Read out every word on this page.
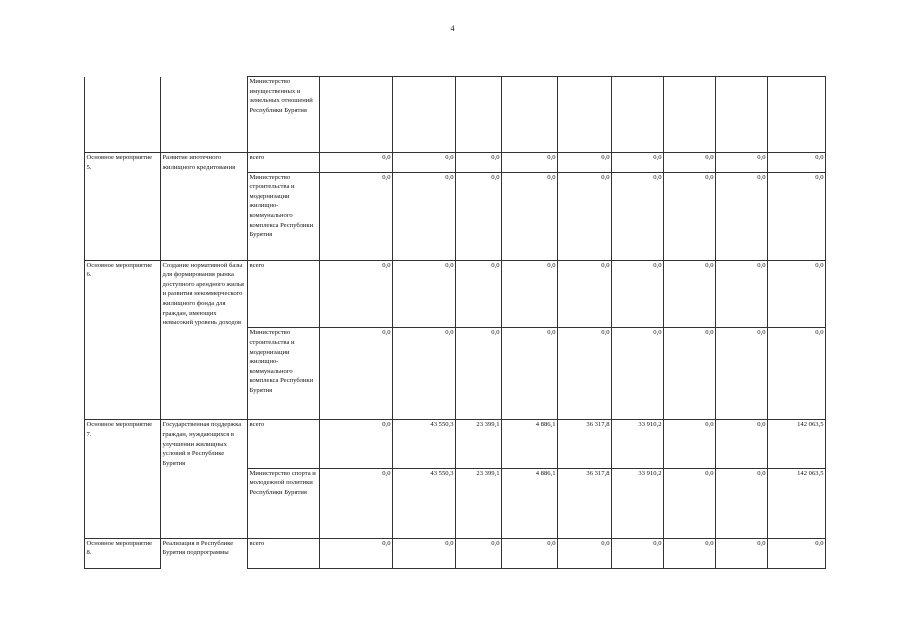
4
		Министерство имущественных и земельных отношений Республики Бурятия									
Основное мероприятие 5.	Развитие ипотечного жилищного кредитования	всего	0,0	0,0	0,0	0,0	0,0	0,0	0,0	0,0	0,0
		Министерство строительства и модернизации жилищно-коммунального комплекса Республики Бурятия	0,0	0,0	0,0	0,0	0,0	0,0	0,0	0,0	0,0
Основное мероприятие 6.	Создание нормативной базы для формирования рынка доступного арендного жилья и развития некоммерческого жилищного фонда для граждан, имеющих невысокий уровень доходов	всего	0,0	0,0	0,0	0,0	0,0	0,0	0,0	0,0	0,0
		Министерство строительства и модернизации жилищно-коммунального комплекса Республики Бурятия	0,0	0,0	0,0	0,0	0,0	0,0	0,0	0,0	0,0
Основное мероприятие 7.	Государственная поддержка граждан, нуждающихся в улучшении жилищных условий в Республике Бурятия	всего	0,0	43 550,3	23 399,1	4 886,1	36 317,8	33 910,2	0,0	0,0	142 063,5
		Министерство спорта и молодежной политики Республики Бурятия	0,0	43 550,3	23 399,1	4 886,1	36 317,8	33 910,2	0,0	0,0	142 063,5
Основное мероприятие 8.	Реализация в Республике Бурятия подпрограммы	всего	0,0	0,0	0,0	0,0	0,0	0,0	0,0	0,0	0,0
